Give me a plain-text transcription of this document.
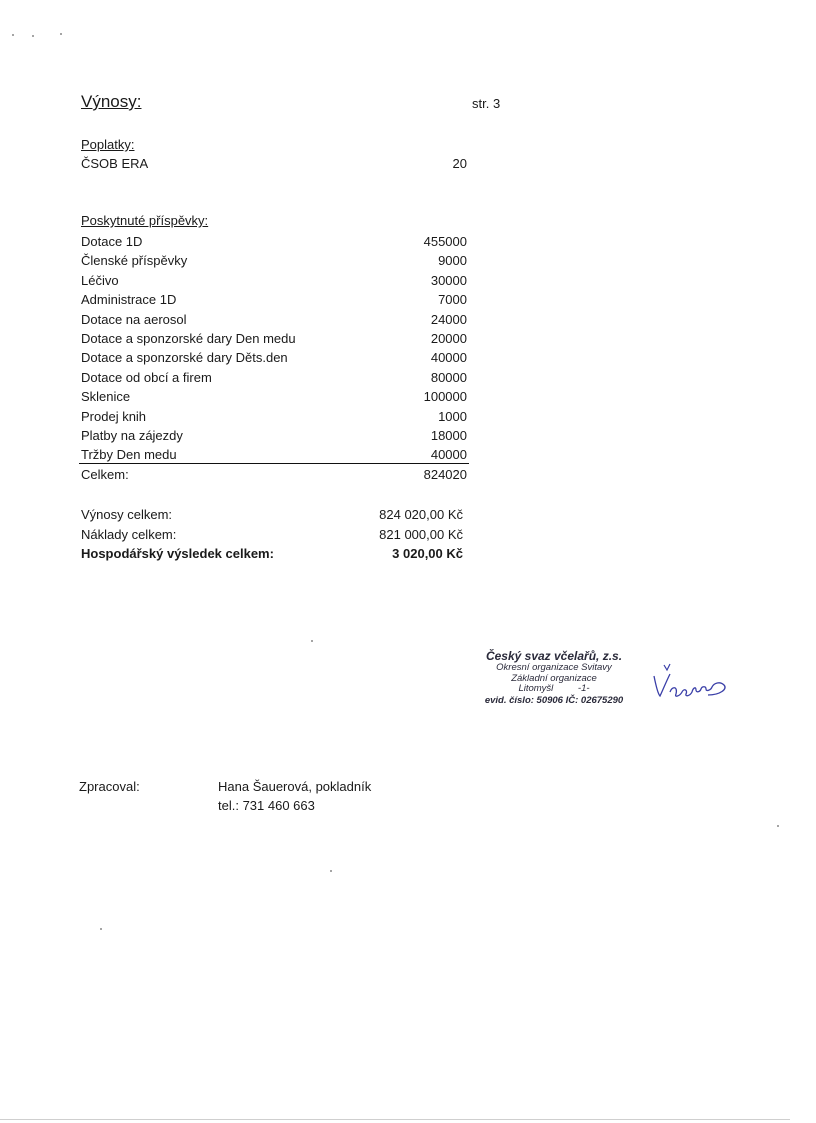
Výnosy:	str. 3
Poplatky:
ČSOB ERA	20
Poskytnuté příspěvky:
Dotace 1D	455000
Členské příspěvky	9000
Léčivo	30000
Administrace 1D	7000
Dotace na aerosol	24000
Dotace a sponzorské dary Den medu	20000
Dotace a sponzorské dary Děts.den	40000
Dotace od obcí a firem	80000
Sklenice	100000
Prodej knih	1000
Platby na zájezdy	18000
Tržby Den medu	40000
Celkem:	824020
Výnosy celkem:	824 020,00 Kč
Náklady celkem:	821 000,00 Kč
Hospodářský výsledek celkem:	3 020,00 Kč
Český svaz včelařů, z.s.
Okresní organizace Svitavy
Základní organizace
Litomyšl	-1-
evid. číslo: 50906 IČ: 02675290
Zpracoval:	Hana Šauerová, pokladník
tel.: 731 460 663
